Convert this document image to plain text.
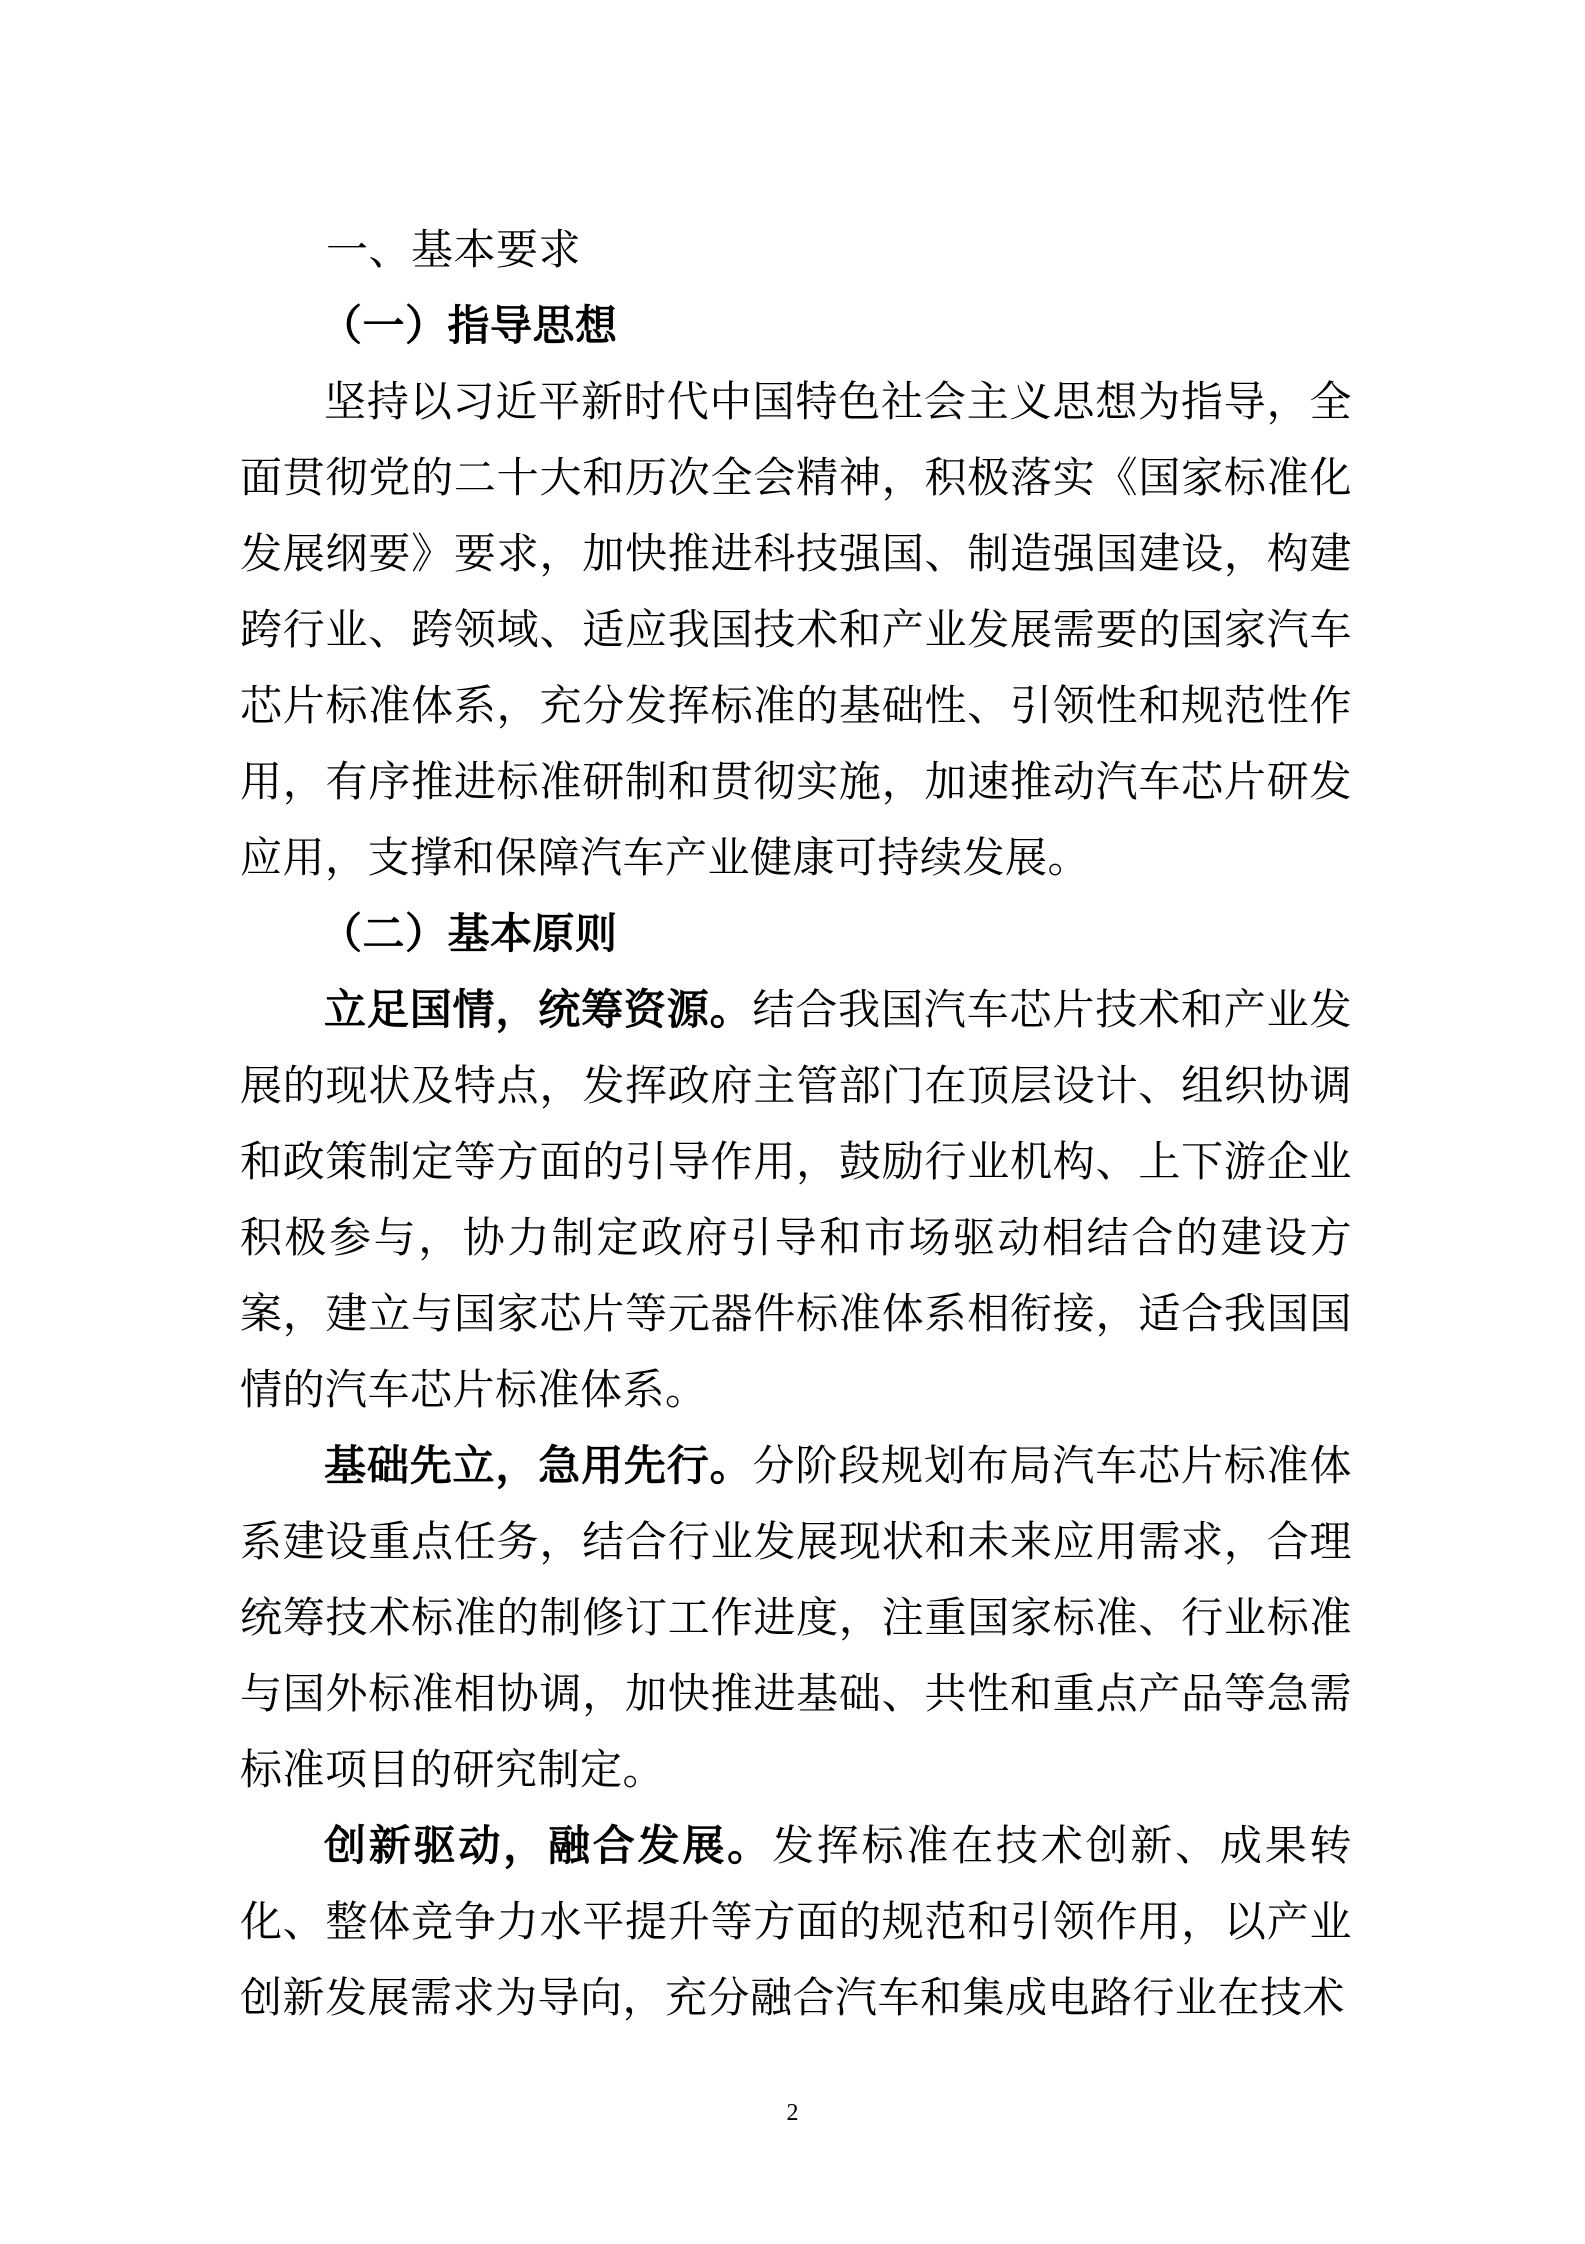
一、基本要求
（一）指导思想

坚持以习近平新时代中国特色社会主义思想为指导，全面贯彻党的二十大和历次全会精神，积极落实《国家标准化发展纲要》要求，加快推进科技强国、制造强国建设，构建跨行业、跨领域、适应我国技术和产业发展需要的国家汽车芯片标准体系，充分发挥标准的基础性、引领性和规范性作用，有序推进标准研制和贯彻实施，加速推动汽车芯片研发应用，支撑和保障汽车产业健康可持续发展。

（二）基本原则

立足国情，统筹资源。结合我国汽车芯片技术和产业发展的现状及特点，发挥政府主管部门在顶层设计、组织协调和政策制定等方面的引导作用，鼓励行业机构、上下游企业积极参与，协力制定政府引导和市场驱动相结合的建设方案，建立与国家芯片等元器件标准体系相衔接，适合我国国情的汽车芯片标准体系。

基础先立，急用先行。分阶段规划布局汽车芯片标准体系建设重点任务，结合行业发展现状和未来应用需求，合理统筹技术标准的制修订工作进度，注重国家标准、行业标准与国外标准相协调，加快推进基础、共性和重点产品等急需标准项目的研究制定。

创新驱动，融合发展。发挥标准在技术创新、成果转化、整体竞争力水平提升等方面的规范和引领作用，以产业创新发展需求为导向，充分融合汽车和集成电路行业在技术

2
